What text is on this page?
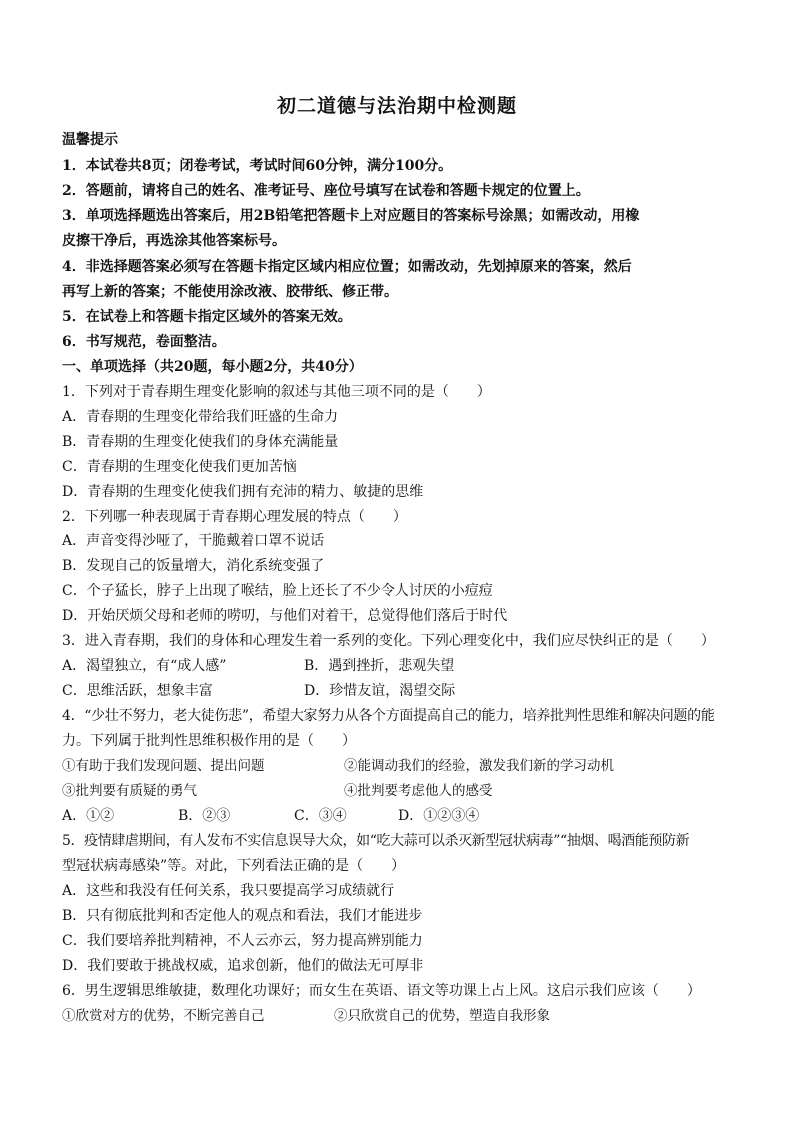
初二道德与法治期中检测题
温馨提示
1．本试卷共8页；闭卷考试，考试时间60分钟，满分100分。
2．答题前，请将自己的姓名、准考证号、座位号填写在试卷和答题卡规定的位置上。
3．单项选择题选出答案后，用2B铅笔把答题卡上对应题目的答案标号涂黑；如需改动，用橡
皮擦干净后，再选涂其他答案标号。
4．非选择题答案必须写在答题卡指定区域内相应位置；如需改动，先划掉原来的答案，然后
再写上新的答案；不能使用涂改液、胶带纸、修正带。
5．在试卷上和答题卡指定区域外的答案无效。
6．书写规范，卷面整洁。
一、单项选择（共20题，每小题2分，共40分）
1．下列对于青春期生理变化影响的叙述与其他三项不同的是（　　）
A．青春期的生理变化带给我们旺盛的生命力
B．青春期的生理变化使我们的身体充满能量
C．青春期的生理变化使我们更加苦恼
D．青春期的生理变化使我们拥有充沛的精力、敏捷的思维
2．下列哪一种表现属于青春期心理发展的特点（　　）
A．声音变得沙哑了，干脆戴着口罩不说话
B．发现自己的饭量增大，消化系统变强了
C．个子猛长，脖子上出现了喉结，脸上还长了不少令人讨厌的小痘痘
D．开始厌烦父母和老师的唠叨，与他们对着干，总觉得他们落后于时代
3．进入青春期，我们的身体和心理发生着一系列的变化。下列心理变化中，我们应尽快纠正的是（　　）
A．渴望独立，有“成人感”	B．遇到挫折，悲观失望
C．思维活跃，想象丰富	D．珍惜友谊，渴望交际
4．“少壮不努力，老大徒伤悲”，希望大家努力从各个方面提高自己的能力，培养批判性思维和解决问题的能
力。下列属于批判性思维积极作用的是（　　）
①有助于我们发现问题、提出问题	②能调动我们的经验，激发我们新的学习动机
③批判要有质疑的勇气	④批判要考虑他人的感受
A．①②	B．②③	C．③④	D．①②③④
5．疫情肆虐期间，有人发布不实信息误导大众，如“吃大蒜可以杀灭新型冠状病毒”“抽烟、喝酒能预防新
型冠状病毒感染”等。对此，下列看法正确的是（　　）
A．这些和我没有任何关系，我只要提高学习成绩就行
B．只有彻底批判和否定他人的观点和看法，我们才能进步
C．我们要培养批判精神，不人云亦云，努力提高辨别能力
D．我们要敢于挑战权威，追求创新，他们的做法无可厚非
6．男生逻辑思维敏捷，数理化功课好；而女生在英语、语文等功课上占上风。这启示我们应该（　　）
①欣赏对方的优势，不断完善自己	②只欣赏自己的优势，塑造自我形象
